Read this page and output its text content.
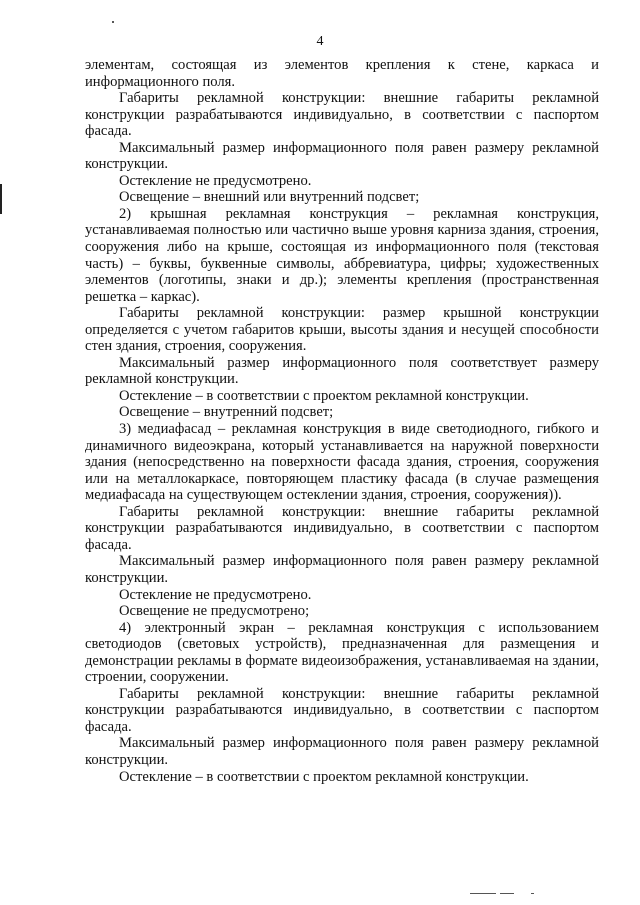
4

элементам, состоящая из элементов крепления к стене, каркаса и информационного поля.

Габариты рекламной конструкции: внешние габариты рекламной конструкции разрабатываются индивидуально, в соответствии с паспортом фасада.

Максимальный размер информационного поля равен размеру рекламной конструкции.

Остекление не предусмотрено.

Освещение – внешний или внутренний подсвет;

2) крышная рекламная конструкция – рекламная конструкция, устанавливаемая полностью или частично выше уровня карниза здания, строения, сооружения либо на крыше, состоящая из информационного поля (текстовая часть) – буквы, буквенные символы, аббревиатура, цифры; художественных элементов (логотипы, знаки и др.); элементы крепления (пространственная решетка – каркас).

Габариты рекламной конструкции: размер крышной конструкции определяется с учетом габаритов крыши, высоты здания и несущей способности стен здания, строения, сооружения.

Максимальный размер информационного поля соответствует размеру рекламной конструкции.

Остекление – в соответствии с проектом рекламной конструкции.

Освещение – внутренний подсвет;

3) медиафасад – рекламная конструкция в виде светодиодного, гибкого и динамичного видеоэкрана, который устанавливается на наружной поверхности здания (непосредственно на поверхности фасада здания, строения, сооружения или на металлокаркасе, повторяющем пластику фасада (в случае размещения медиафасада на существующем остеклении здания, строения, сооружения)).

Габариты рекламной конструкции: внешние габариты рекламной конструкции разрабатываются индивидуально, в соответствии с паспортом фасада.

Максимальный размер информационного поля равен размеру рекламной конструкции.

Остекление не предусмотрено.

Освещение не предусмотрено;

4) электронный экран – рекламная конструкция с использованием светодиодов (световых устройств), предназначенная для размещения и демонстрации рекламы в формате видеоизображения, устанавливаемая на здании, строении, сооружении.

Габариты рекламной конструкции: внешние габариты рекламной конструкции разрабатываются индивидуально, в соответствии с паспортом фасада.

Максимальный размер информационного поля равен размеру рекламной конструкции.

Остекление – в соответствии с проектом рекламной конструкции.
